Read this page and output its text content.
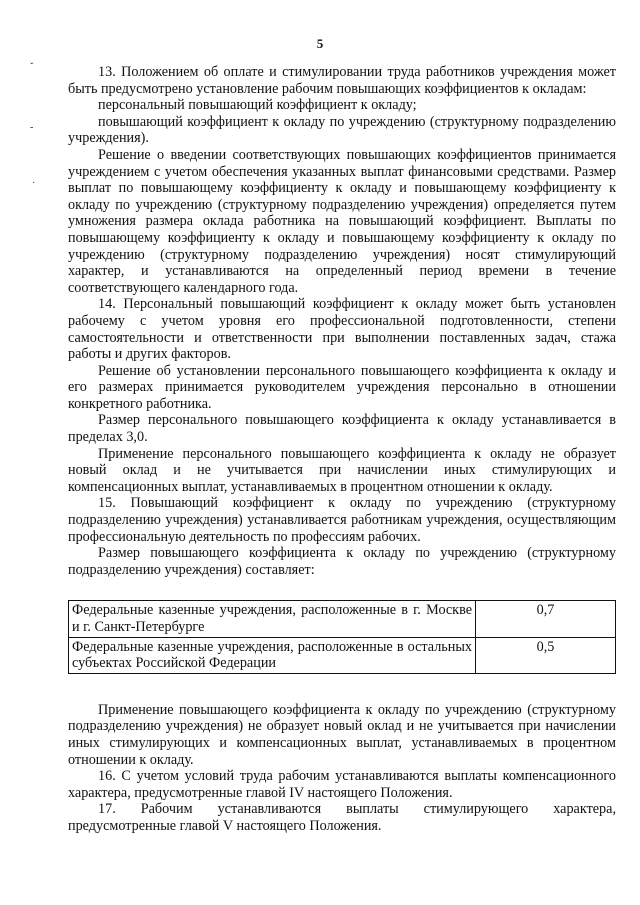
5
ˇ
-
·

13. Положением об оплате и стимулировании труда работников учреждения может быть предусмотрено установление рабочим повышающих коэффициентов к окладам:

персональный повышающий коэффициент к окладу;

повышающий коэффициент к окладу по учреждению (структурному подразделению учреждения).

Решение о введении соответствующих повышающих коэффициентов принимается учреждением с учетом обеспечения указанных выплат финансовыми средствами. Размер выплат по повышающему коэффициенту к окладу и повышающему коэффициенту к окладу по учреждению (структурному подразделению учреждения) определяется путем умножения размера оклада работника на повышающий коэффициент. Выплаты по повышающему коэффициенту к окладу и повышающему коэффициенту к окладу по учреждению (структурному подразделению учреждения) носят стимулирующий характер, и устанавливаются на определенный период времени в течение соответствующего календарного года.

14. Персональный повышающий коэффициент к окладу может быть установлен рабочему с учетом уровня его профессиональной подготовленности, степени самостоятельности и ответственности при выполнении поставленных задач, стажа работы и других факторов.

Решение об установлении персонального повышающего коэффициента к окладу и его размерах принимается руководителем учреждения персонально в отношении конкретного работника.

Размер персонального повышающего коэффициента к окладу устанавливается в пределах 3,0.

Применение персонального повышающего коэффициента к окладу не образует новый оклад и не учитывается при начислении иных стимулирующих и компенсационных выплат, устанавливаемых в процентном отношении к окладу.

15. Повышающий коэффициент к окладу по учреждению (структурному подразделению учреждения) устанавливается работникам учреждения, осуществляющим профессиональную деятельность по профессиям рабочих.

Размер повышающего коэффициента к окладу по учреждению (структурному подразделению учреждения) составляет:

Федеральные казенные учреждения, расположенные в г. Москве и г. Санкт-Петербурге	0,7
Федеральные казенные учреждения, расположенные в остальных субъектах Российской Федерации	0,5

Применение повышающего коэффициента к окладу по учреждению (структурному подразделению учреждения) не образует новый оклад и не учитывается при начислении иных стимулирующих и компенсационных выплат, устанавливаемых в процентном отношении к окладу.

16. С учетом условий труда рабочим устанавливаются выплаты компенсационного характера, предусмотренные главой IV настоящего Положения.

17. Рабочим устанавливаются выплаты стимулирующего характера, предусмотренные главой V настоящего Положения.
